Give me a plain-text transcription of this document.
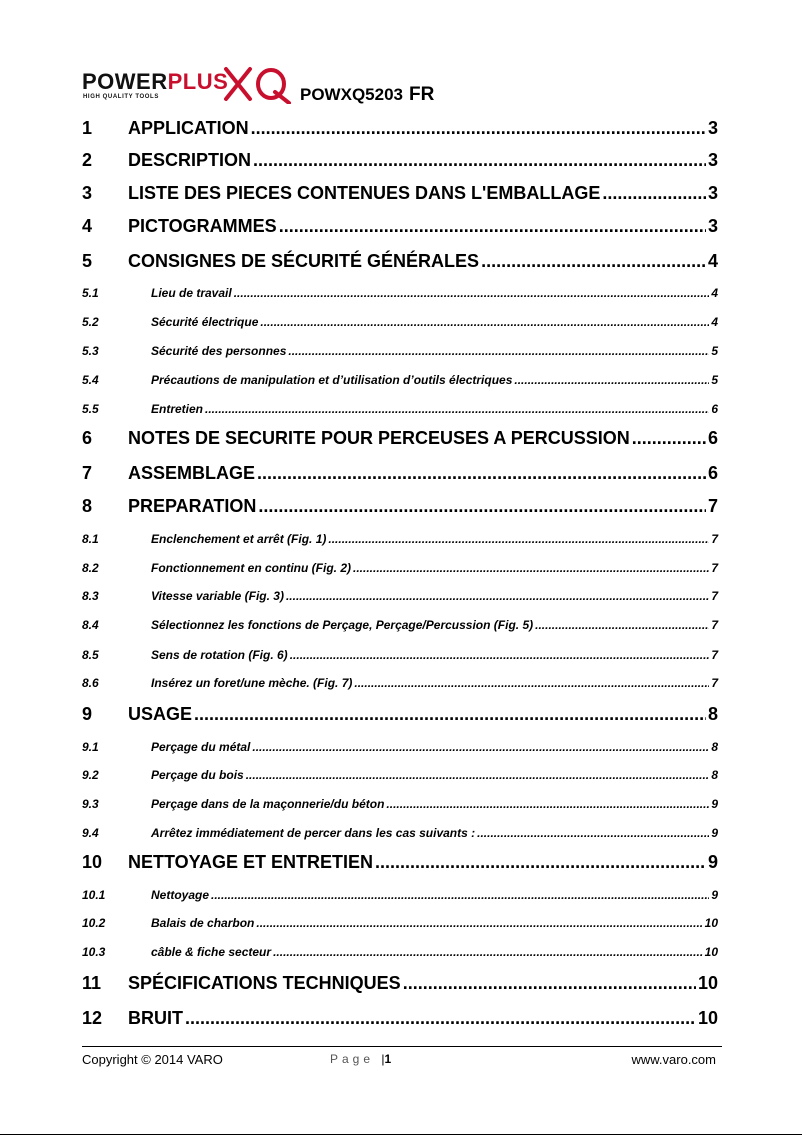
POWERPLUS
HIGH QUALITY TOOLS	POWXQ5203 FR
1	APPLICATION .....	3
2	DESCRIPTION .....	3
3	LISTE DES PIECES CONTENUES DANS L'EMBALLAGE .....	3
4	PICTOGRAMMES .....	3
5	CONSIGNES DE SÉCURITÉ GÉNÉRALES .....	4
5.1	Lieu de travail .....	4
5.2	Sécurité électrique .....	4
5.3	Sécurité des personnes .....	5
5.4	Précautions de manipulation et d’utilisation d’outils électriques .....	5
5.5	Entretien .....	6
6	NOTES DE SECURITE POUR PERCEUSES A PERCUSSION .....	6
7	ASSEMBLAGE .....	6
8	PREPARATION .....	7
8.1	Enclenchement et arrêt (Fig. 1) .....	7
8.2	Fonctionnement en continu (Fig. 2) .....	7
8.3	Vitesse variable (Fig. 3) .....	7
8.4	Sélectionnez les fonctions de Perçage, Perçage/Percussion (Fig. 5) .....	7
8.5	Sens de rotation (Fig. 6) .....	7
8.6	Insérez un foret/une mèche. (Fig. 7) .....	7
9	USAGE .....	8
9.1	Perçage du métal .....	8
9.2	Perçage du bois .....	8
9.3	Perçage dans de la maçonnerie/du béton .....	9
9.4	Arrêtez immédiatement de percer dans les cas suivants : .....	9
10	NETTOYAGE ET ENTRETIEN .....	9
10.1	Nettoyage .....	9
10.2	Balais de charbon .....	10
10.3	câble & fiche secteur .....	10
11	SPÉCIFICATIONS TECHNIQUES .....	10
12	BRUIT .....	10
Copyright © 2014 VARO	Page |1	www.varo.com
